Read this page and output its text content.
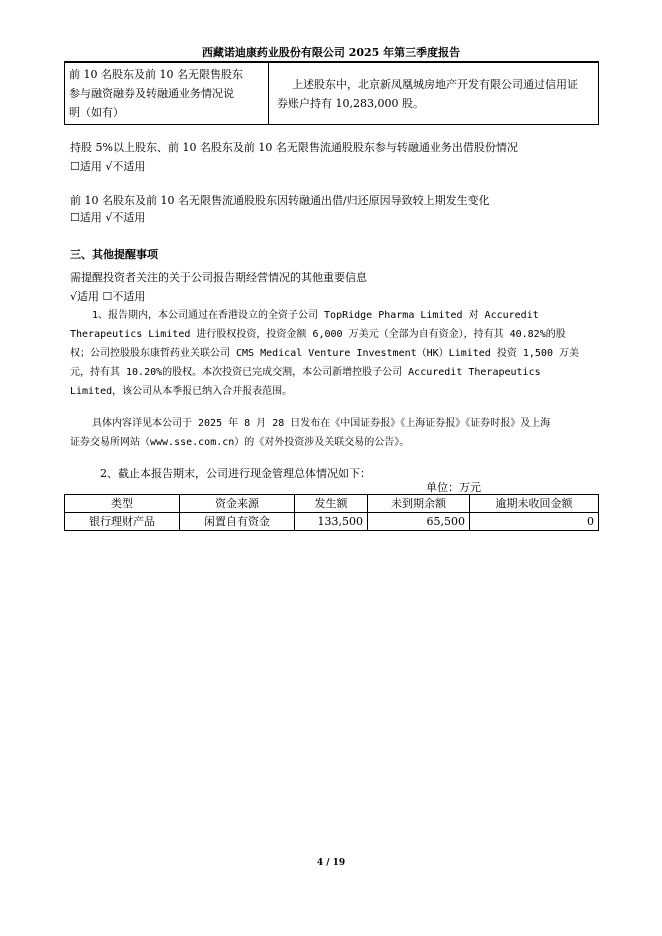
西藏诺迪康药业股份有限公司 2025 年第三季度报告
前 10 名股东及前 10 名无限售股东
参与融资融券及转融通业务情况说
明（如有）

上述股东中，北京新凤凰城房地产开发有限公司通过信用证
券账户持有 10,283,000 股。
持股 5%以上股东、前 10 名股东及前 10 名无限售流通股股东参与转融通业务出借股份情况
☐适用 √不适用
前 10 名股东及前 10 名无限售流通股股东因转融通出借/归还原因导致较上期发生变化
☐适用 √不适用
三、其他提醒事项
需提醒投资者关注的关于公司报告期经营情况的其他重要信息
√适用 ☐不适用
1、报告期内，本公司通过在香港设立的全资子公司 TopRidge Pharma Limited 对 Accuredit
Therapeutics Limited 进行股权投资，投资金额 6,000 万美元（全部为自有资金），持有其 40.82%的股
权；公司控股股东康哲药业关联公司 CMS Medical Venture Investment（HK）Limited 投资 1,500 万美
元，持有其 10.20%的股权。本次投资已完成交割，本公司新增控股子公司 Accuredit Therapeutics
Limited，该公司从本季报已纳入合并报表范围。
具体内容详见本公司于 2025 年 8 月 28 日发布在《中国证券报》《上海证券报》《证券时报》及上海
证券交易所网站（www.sse.com.cn）的《对外投资涉及关联交易的公告》。
2、截止本报告期末，公司进行现金管理总体情况如下：
单位：万元
类型	资金来源	发生额	未到期余额	逾期未收回金额
银行理财产品	闲置自有资金	133,500	65,500	0
4 / 19
